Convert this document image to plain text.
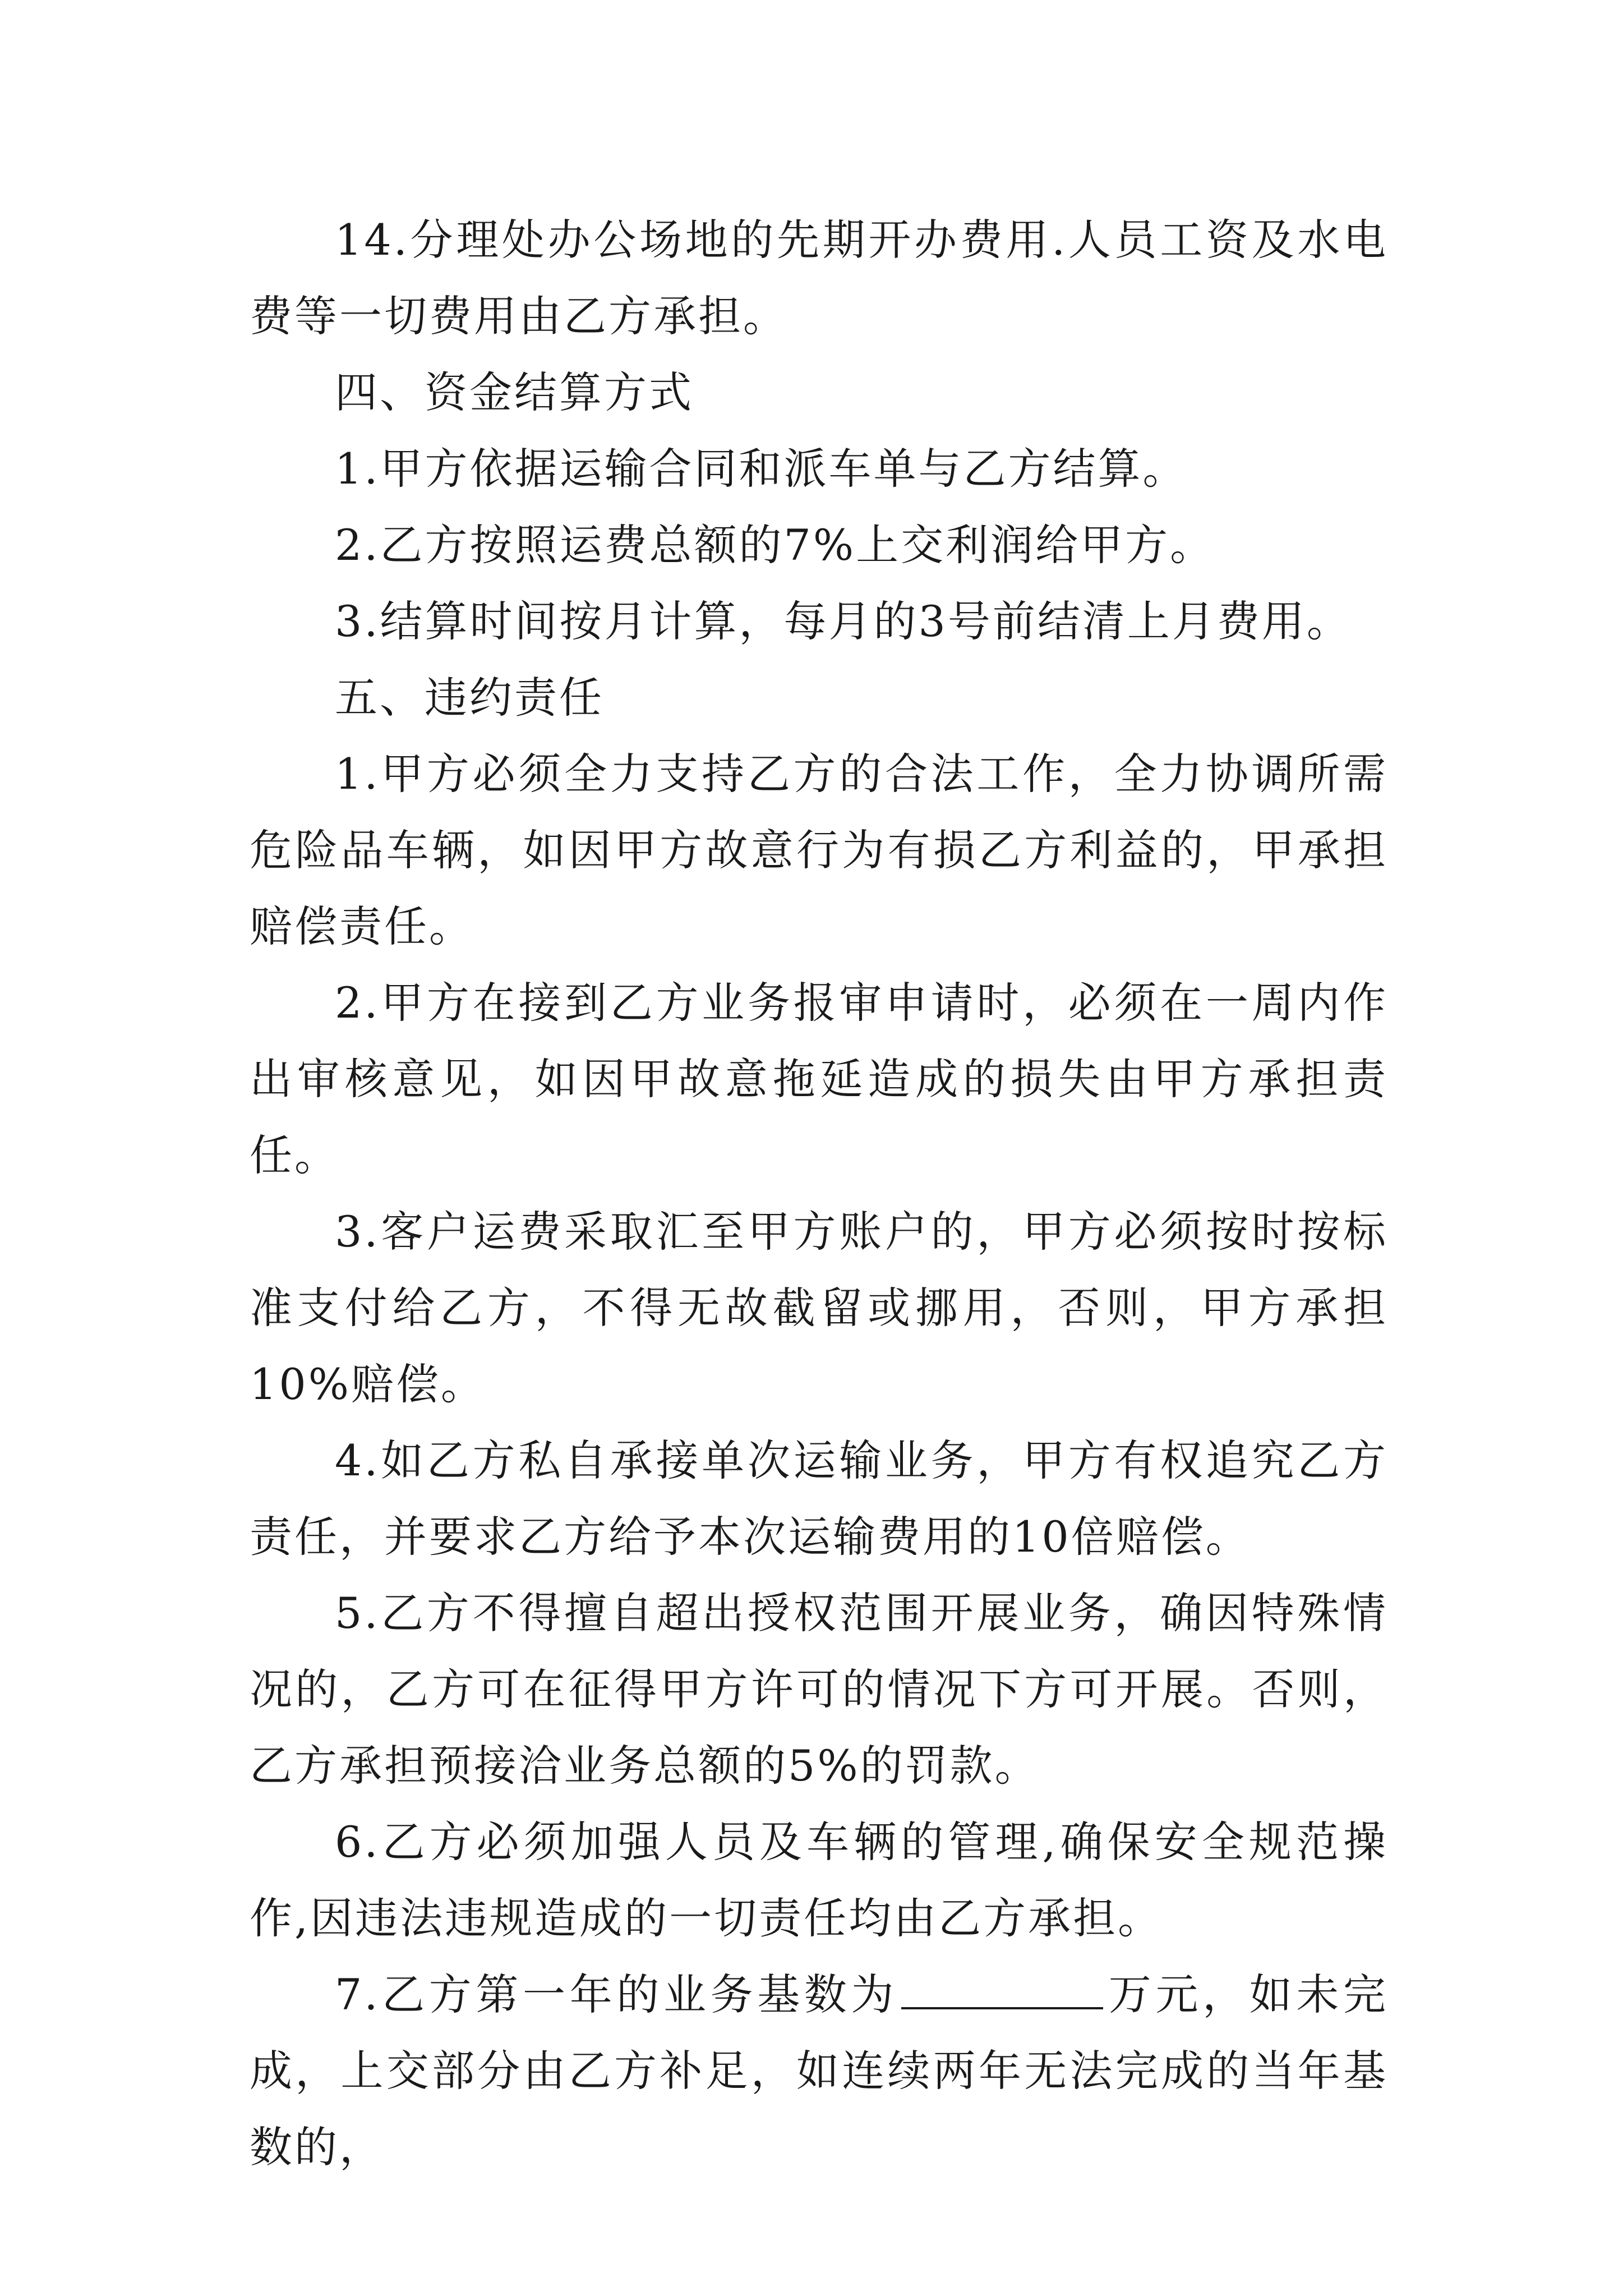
14.分理处办公场地的先期开办费用.人员工资及水电费等一切费用由乙方承担。

四、资金结算方式

1.甲方依据运输合同和派车单与乙方结算。

2.乙方按照运费总额的7%上交利润给甲方。

3.结算时间按月计算，每月的3号前结清上月费用。

五、违约责任

1.甲方必须全力支持乙方的合法工作，全力协调所需危险品车辆，如因甲方故意行为有损乙方利益的，甲承担赔偿责任。

2.甲方在接到乙方业务报审申请时，必须在一周内作出审核意见，如因甲故意拖延造成的损失由甲方承担责任。

3.客户运费采取汇至甲方账户的，甲方必须按时按标准支付给乙方，不得无故截留或挪用，否则，甲方承担10%赔偿。

4.如乙方私自承接单次运输业务，甲方有权追究乙方责任，并要求乙方给予本次运输费用的10倍赔偿。

5.乙方不得擅自超出授权范围开展业务，确因特殊情况的，乙方可在征得甲方许可的情况下方可开展。否则，乙方承担预接洽业务总额的5%的罚款。

6.乙方必须加强人员及车辆的管理,确保安全规范操作,因违法违规造成的一切责任均由乙方承担。

7.乙方第一年的业务基数为	万元，如未完成，上交部分由乙方补足，如连续两年无法完成的当年基数的，
